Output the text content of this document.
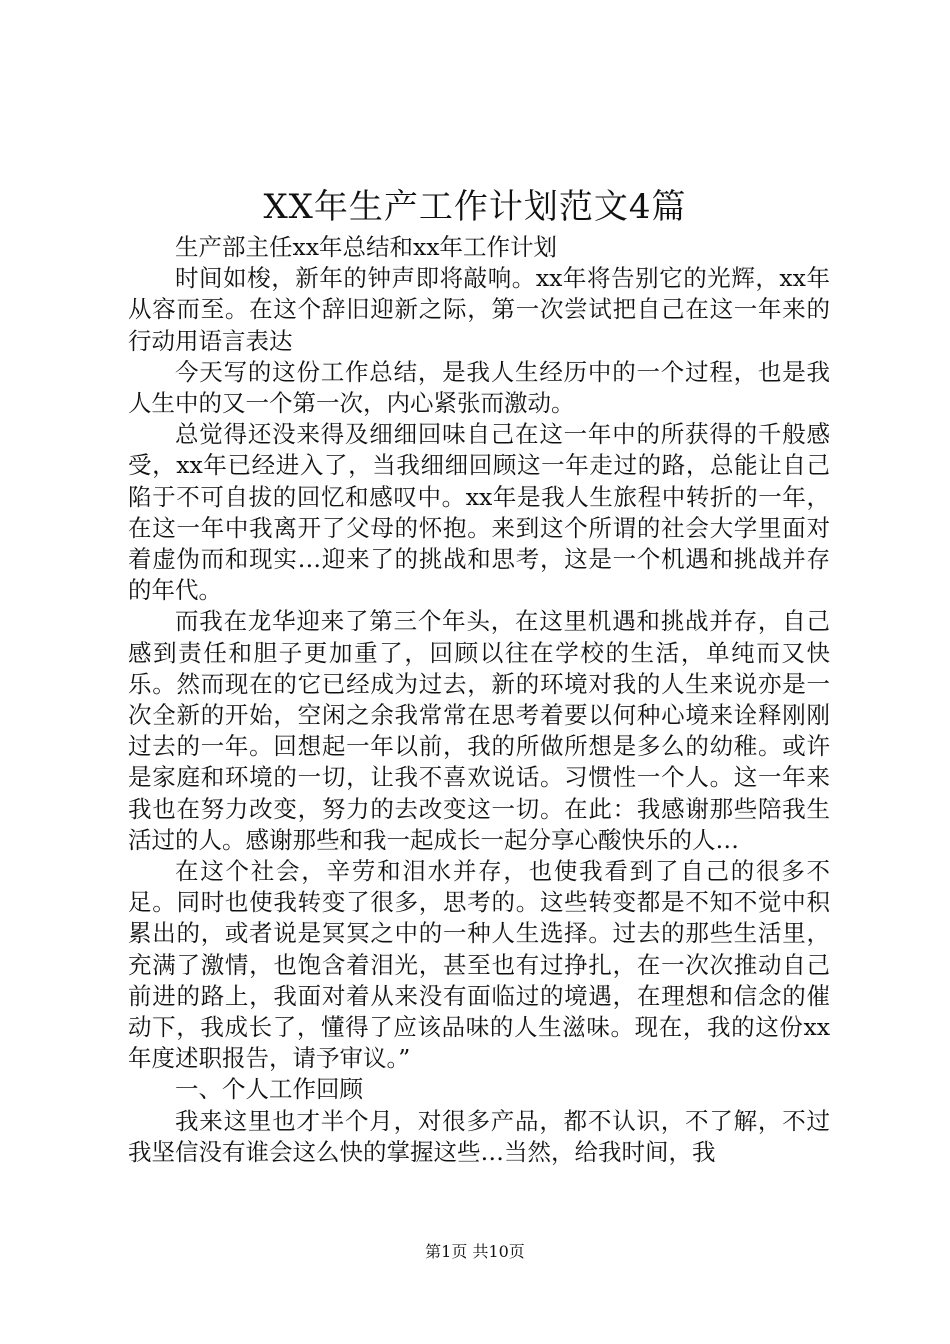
XX年生产工作计划范文4篇

生产部主任xx年总结和xx年工作计划

时间如梭，新年的钟声即将敲响。xx年将告别它的光辉，xx年从容而至。在这个辞旧迎新之际，第一次尝试把自己在这一年来的行动用语言表达

今天写的这份工作总结，是我人生经历中的一个过程，也是我人生中的又一个第一次，内心紧张而激动。

总觉得还没来得及细细回味自己在这一年中的所获得的千般感受，xx年已经进入了，当我细细回顾这一年走过的路，总能让自己陷于不可自拔的回忆和感叹中。xx年是我人生旅程中转折的一年，在这一年中我离开了父母的怀抱。来到这个所谓的社会大学里面对着虚伪而和现实…迎来了的挑战和思考，这是一个机遇和挑战并存的年代。

而我在龙华迎来了第三个年头，在这里机遇和挑战并存，自己感到责任和胆子更加重了，回顾以往在学校的生活，单纯而又快乐。然而现在的它已经成为过去，新的环境对我的人生来说亦是一次全新的开始，空闲之余我常常在思考着要以何种心境来诠释刚刚过去的一年。回想起一年以前，我的所做所想是多么的幼稚。或许是家庭和环境的一切，让我不喜欢说话。习惯性一个人。这一年来我也在努力改变，努力的去改变这一切。在此：我感谢那些陪我生活过的人。感谢那些和我一起成长一起分享心酸快乐的人…

在这个社会，辛劳和泪水并存，也使我看到了自己的很多不足。同时也使我转变了很多，思考的。这些转变都是不知不觉中积累出的，或者说是冥冥之中的一种人生选择。过去的那些生活里，充满了激情，也饱含着泪光，甚至也有过挣扎，在一次次推动自己前进的路上，我面对着从来没有面临过的境遇，在理想和信念的催动下，我成长了，懂得了应该品味的人生滋味。现在，我的这份xx年度述职报告，请予审议。”

一、个人工作回顾

我来这里也才半个月，对很多产品，都不认识，不了解，不过我坚信没有谁会这么快的掌握这些…当然，给我时间，我

第1页 共10页
